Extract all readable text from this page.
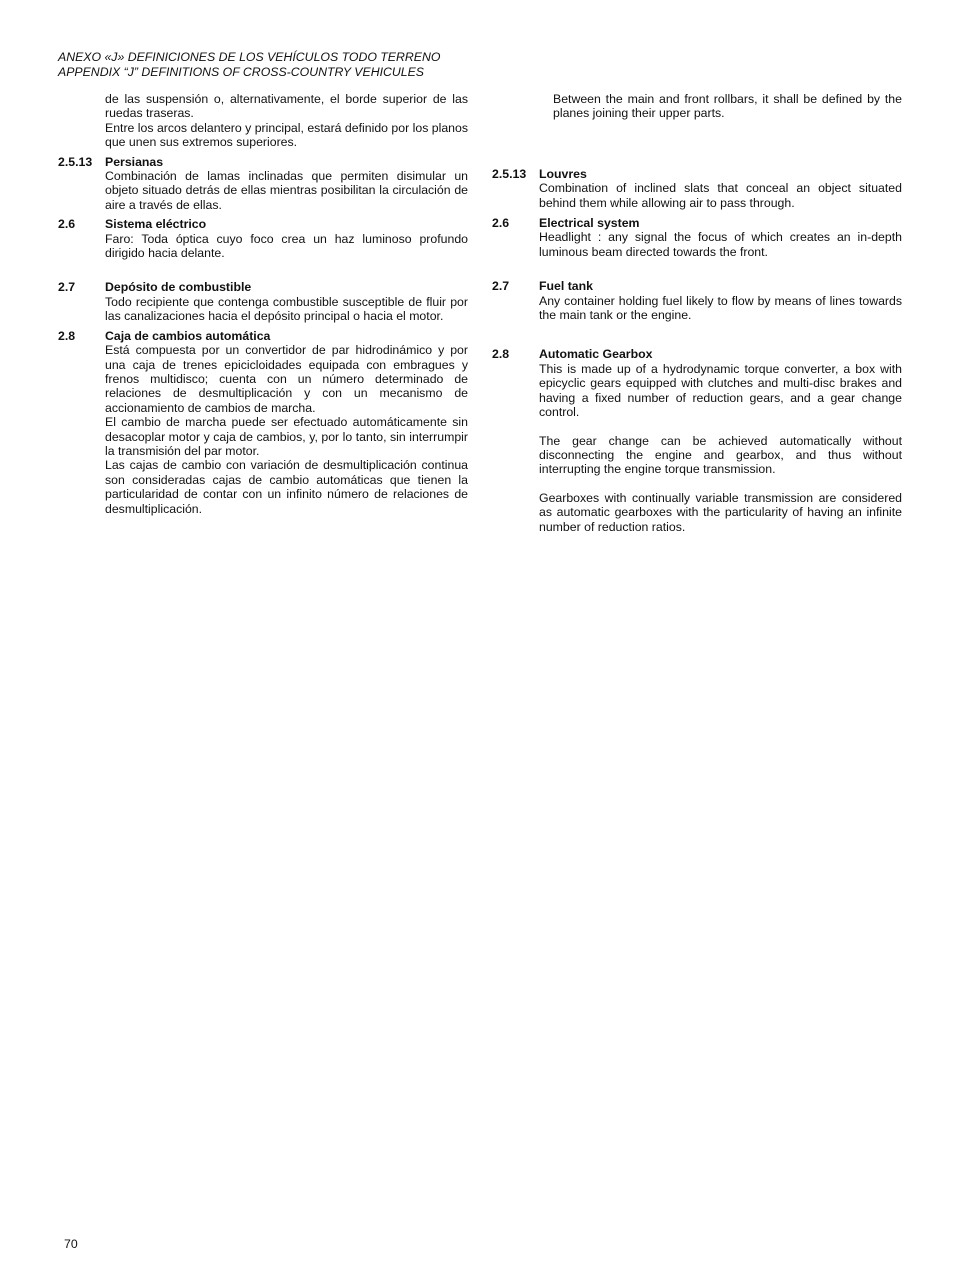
ANEXO «J» DEFINICIONES DE LOS VEHÍCULOS TODO TERRENO
APPENDIX “J” DEFINITIONS OF CROSS-COUNTRY VEHICULES
de las suspensión o, alternativamente, el borde superior de las ruedas traseras.
Entre los arcos delantero y principal, estará definido por los planos que unen sus extremos superiores.
2.5.13	Persianas
Combinación de lamas inclinadas que permiten disimular un objeto situado detrás de ellas mientras posibilitan la circulación de aire a través de ellas.
2.6	Sistema eléctrico
Faro: Toda óptica cuyo foco crea un haz luminoso profundo dirigido hacia delante.
2.7	Depósito de combustible
Todo recipiente que contenga combustible susceptible de fluir por las canalizaciones hacia el depósito principal o hacia el motor.
2.8	Caja de cambios automática
Está compuesta por un convertidor de par hidrodinámico y por una caja de trenes epicicloidades equipada con embragues y frenos multidisco; cuenta con un número determinado de relaciones de desmultiplicación y con un mecanismo de accionamiento de cambios de marcha.
El cambio de marcha puede ser efectuado automáticamente sin desacoplar motor y caja de cambios, y, por lo tanto, sin interrumpir la transmisión del par motor.
Las cajas de cambio con variación de desmultiplicación continua son consideradas cajas de cambio automáticas que tienen la particularidad de contar con un infinito número de relaciones de desmultiplicación.
Between the main and front rollbars, it shall be defined by the planes joining their upper parts.
2.5.13	Louvres
Combination of inclined slats that conceal an object situated behind them while allowing air to pass through.
2.6	Electrical system
Headlight : any signal the focus of which creates an in-depth luminous beam directed towards the front.
2.7	Fuel tank
Any container holding fuel likely to flow by means of lines towards the main tank or the engine.
2.8	Automatic Gearbox
This is made up of a hydrodynamic torque converter, a box with epicyclic gears equipped with clutches and multi-disc brakes and having a fixed number of reduction gears, and a gear change control.
The gear change can be achieved automatically without disconnecting the engine and gearbox, and thus without interrupting the engine torque transmission.
Gearboxes with continually variable transmission are considered as automatic gearboxes with the particularity of having an infinite number of reduction ratios.
70
